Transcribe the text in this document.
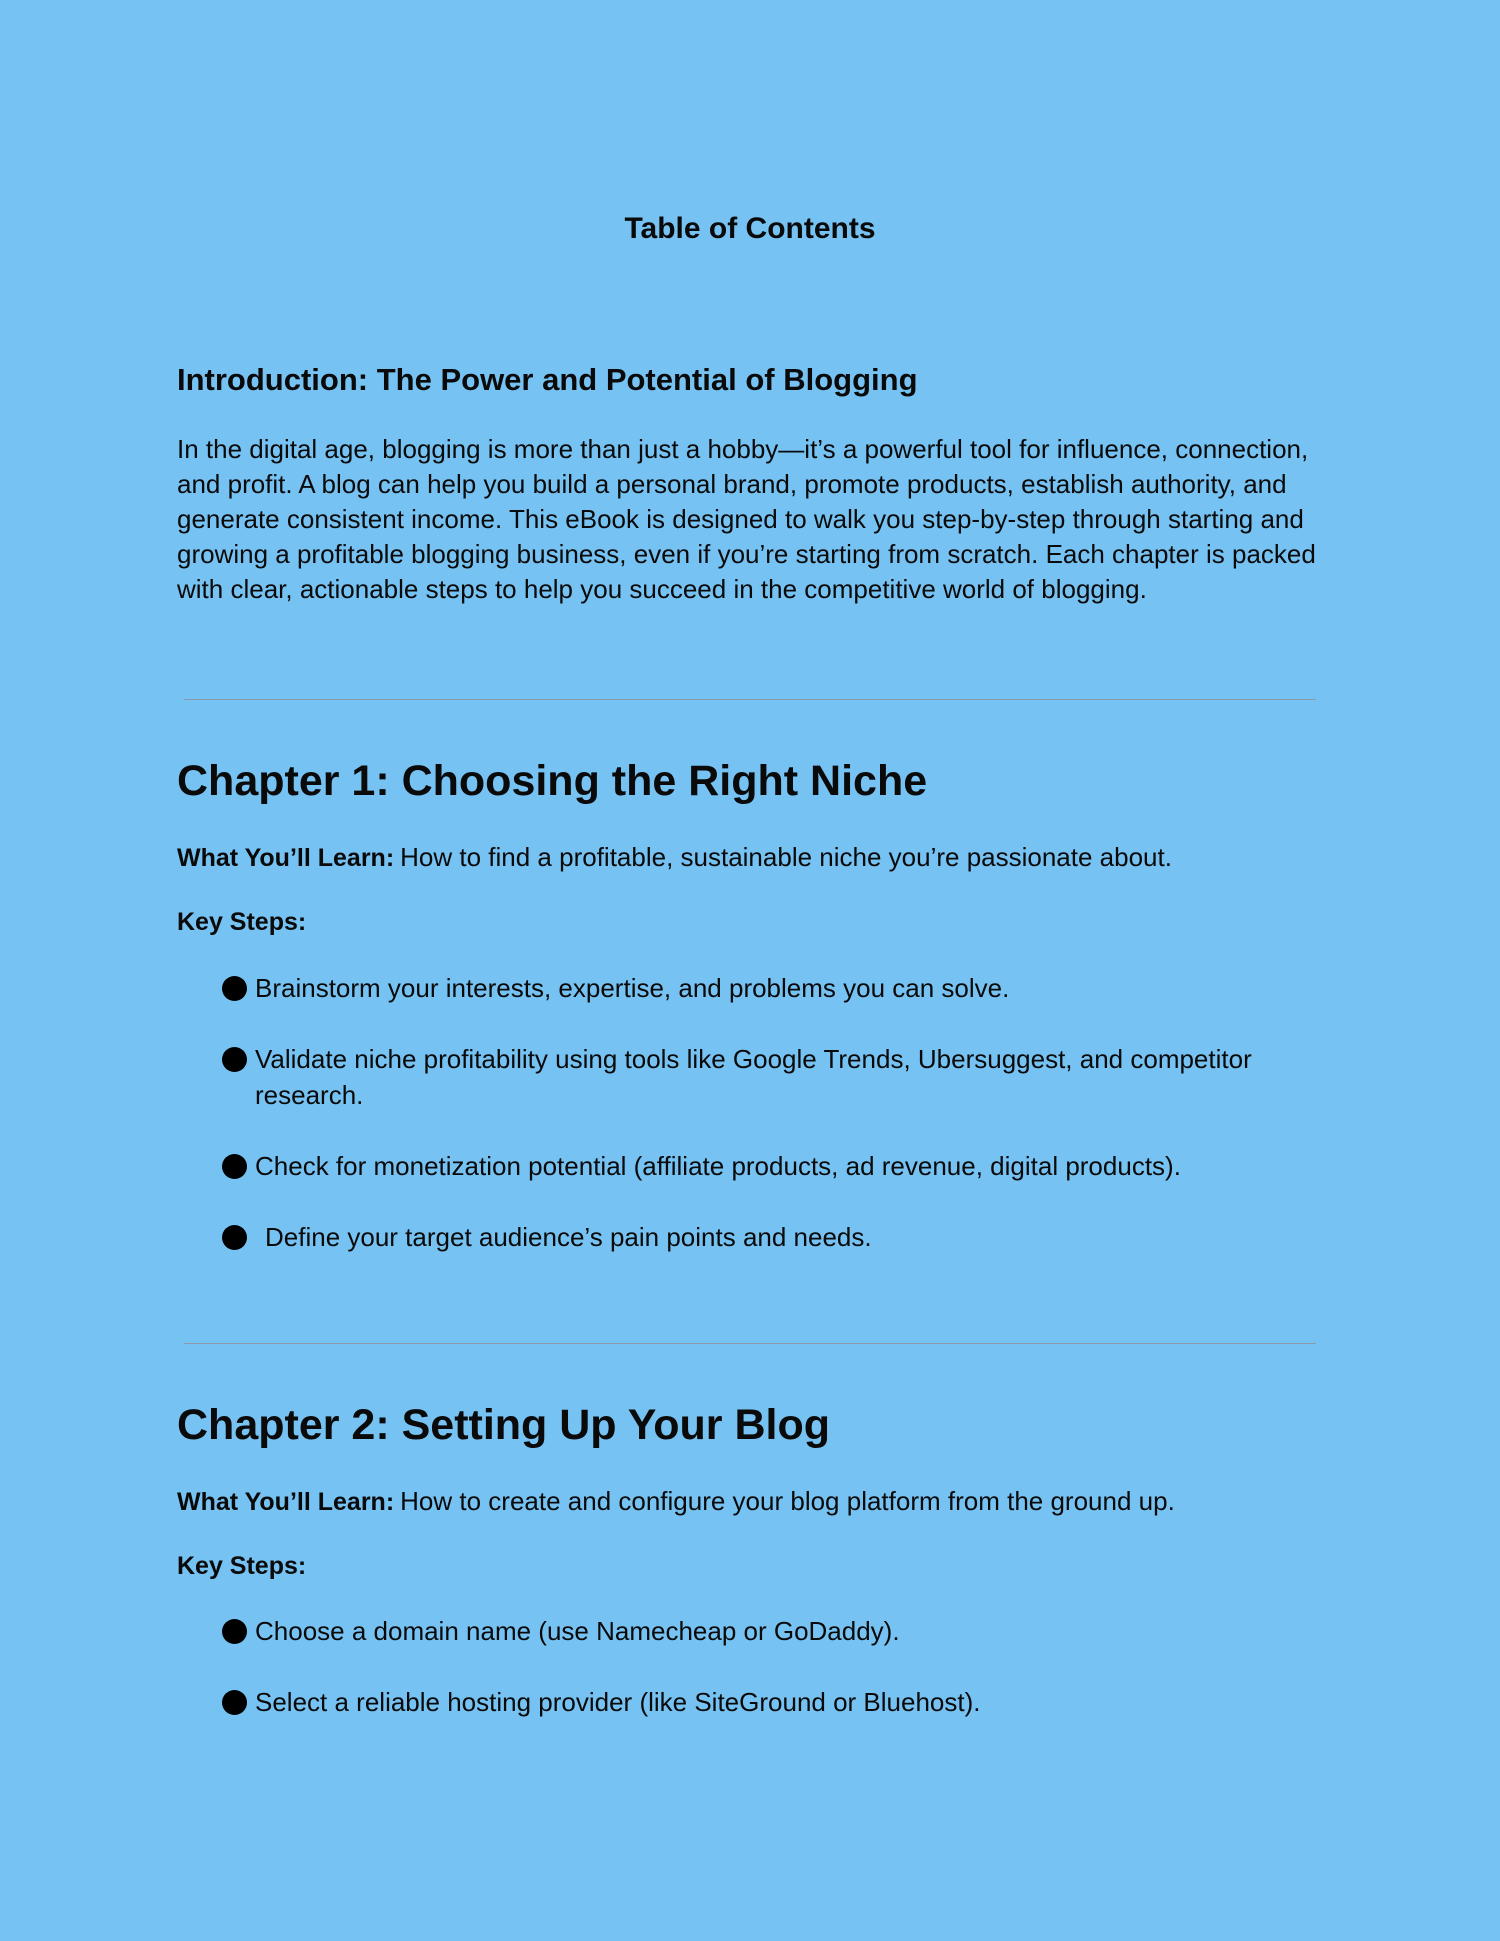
Table of Contents
Introduction: The Power and Potential of Blogging

In the digital age, blogging is more than just a hobby—it’s a powerful tool for influence, connection, and profit. A blog can help you build a personal brand, promote products, establish authority, and generate consistent income. This eBook is designed to walk you step-by-step through starting and growing a profitable blogging business, even if you’re starting from scratch. Each chapter is packed with clear, actionable steps to help you succeed in the competitive world of blogging.

Chapter 1: Choosing the Right Niche

What You’ll Learn: How to find a profitable, sustainable niche you’re passionate about.

Key Steps:

Brainstorm your interests, expertise, and problems you can solve.
Validate niche profitability using tools like Google Trends, Ubersuggest, and competitor research.
Check for monetization potential (affiliate products, ad revenue, digital products).
Define your target audience’s pain points and needs.
Chapter 2: Setting Up Your Blog

What You’ll Learn: How to create and configure your blog platform from the ground up.

Key Steps:

Choose a domain name (use Namecheap or GoDaddy).
Select a reliable hosting provider (like SiteGround or Bluehost).
